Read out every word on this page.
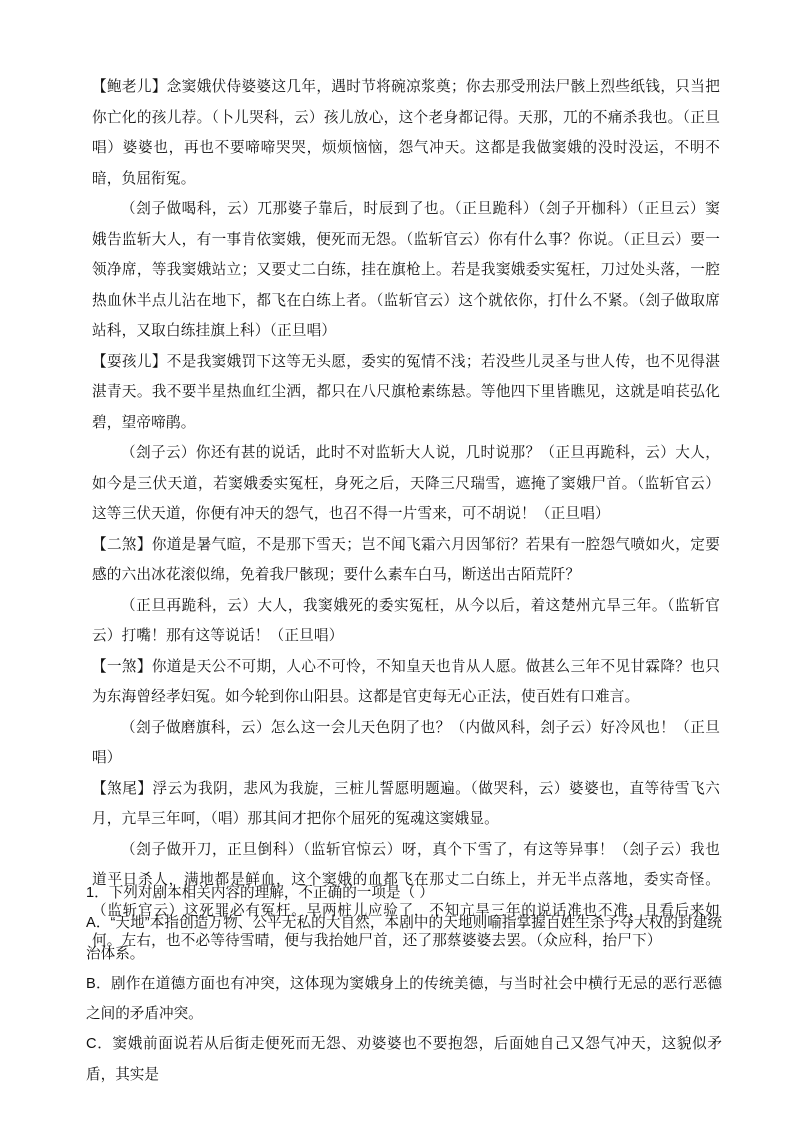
【鲍老儿】念窦娥伏侍婆婆这几年，遇时节将碗凉浆奠；你去那受刑法尸骸上烈些纸钱，只当把你亡化的孩儿荐。（卜儿哭科，云）孩儿放心，这个老身都记得。天那，兀的不痛杀我也。（正旦唱）婆婆也，再也不要啼啼哭哭，烦烦恼恼，怨气冲天。这都是我做窦娥的没时没运，不明不暗，负屈衔冤。

（刽子做喝科，云）兀那婆子靠后，时辰到了也。（正旦跪科）（刽子开枷科）（正旦云）窦娥告监斩大人，有一事肯依窦娥，便死而无怨。（监斩官云）你有什么事？你说。（正旦云）要一领净席，等我窦娥站立；又要丈二白练，挂在旗枪上。若是我窦娥委实冤枉，刀过处头落，一腔热血休半点儿沾在地下，都飞在白练上者。（监斩官云）这个就依你，打什么不紧。（刽子做取席站科，又取白练挂旗上科）（正旦唱）

【耍孩儿】不是我窦娥罚下这等无头愿，委实的冤情不浅；若没些儿灵圣与世人传，也不见得湛湛青天。我不要半星热血红尘洒，都只在八尺旗枪素练悬。等他四下里皆瞧见，这就是咱苌弘化碧，望帝啼鹃。

（刽子云）你还有甚的说话，此时不对监斩大人说，几时说那？（正旦再跪科，云）大人，如今是三伏天道，若窦娥委实冤枉，身死之后，天降三尺瑞雪，遮掩了窦娥尸首。（监斩官云）这等三伏天道，你便有冲天的怨气，也召不得一片雪来，可不胡说！（正旦唱）

【二煞】你道是暑气暄，不是那下雪天；岂不闻飞霜六月因邹衍？若果有一腔怨气喷如火，定要感的六出冰花滚似绵，免着我尸骸现；要什么素车白马，断送出古陌荒阡？

（正旦再跪科，云）大人，我窦娥死的委实冤枉，从今以后，着这楚州亢旱三年。（监斩官云）打嘴！那有这等说话！（正旦唱）

【一煞】你道是天公不可期，人心不可怜，不知皇天也肯从人愿。做甚么三年不见甘霖降？也只为东海曾经孝妇冤。如今轮到你山阳县。这都是官吏每无心正法，使百姓有口难言。

（刽子做磨旗科，云）怎么这一会儿天色阴了也？（内做风科，刽子云）好冷风也！（正旦唱）

【煞尾】浮云为我阴，悲风为我旋，三桩儿誓愿明题遍。（做哭科，云）婆婆也，直等待雪飞六月，亢旱三年呵，（唱）那其间才把你个屈死的冤魂这窦娥显。

（刽子做开刀，正旦倒科）（监斩官惊云）呀，真个下雪了，有这等异事！（刽子云）我也道平日杀人，满地都是鲜血，这个窦娥的血都飞在那丈二白练上，并无半点落地，委实奇怪。（监斩官云）这死罪必有冤枉。早两桩儿应验了，不知亢旱三年的说话准也不准，且看后来如何。左右，也不必等待雪晴，便与我抬她尸首，还了那蔡婆婆去罢。（众应科，抬尸下）

1．下列对剧本相关内容的理解，不正确的一项是（ ）

A．“天地”本指创造万物、公平无私的大自然，本剧中的天地则喻指掌握百姓生杀予夺大权的封建统治体系。

B．剧作在道德方面也有冲突，这体现为窦娥身上的传统美德，与当时社会中横行无忌的恶行恶德之间的矛盾冲突。

C．窦娥前面说若从后街走便死而无怨、劝婆婆也不要抱怨，后面她自己又怨气冲天，这貌似矛盾，其实是
